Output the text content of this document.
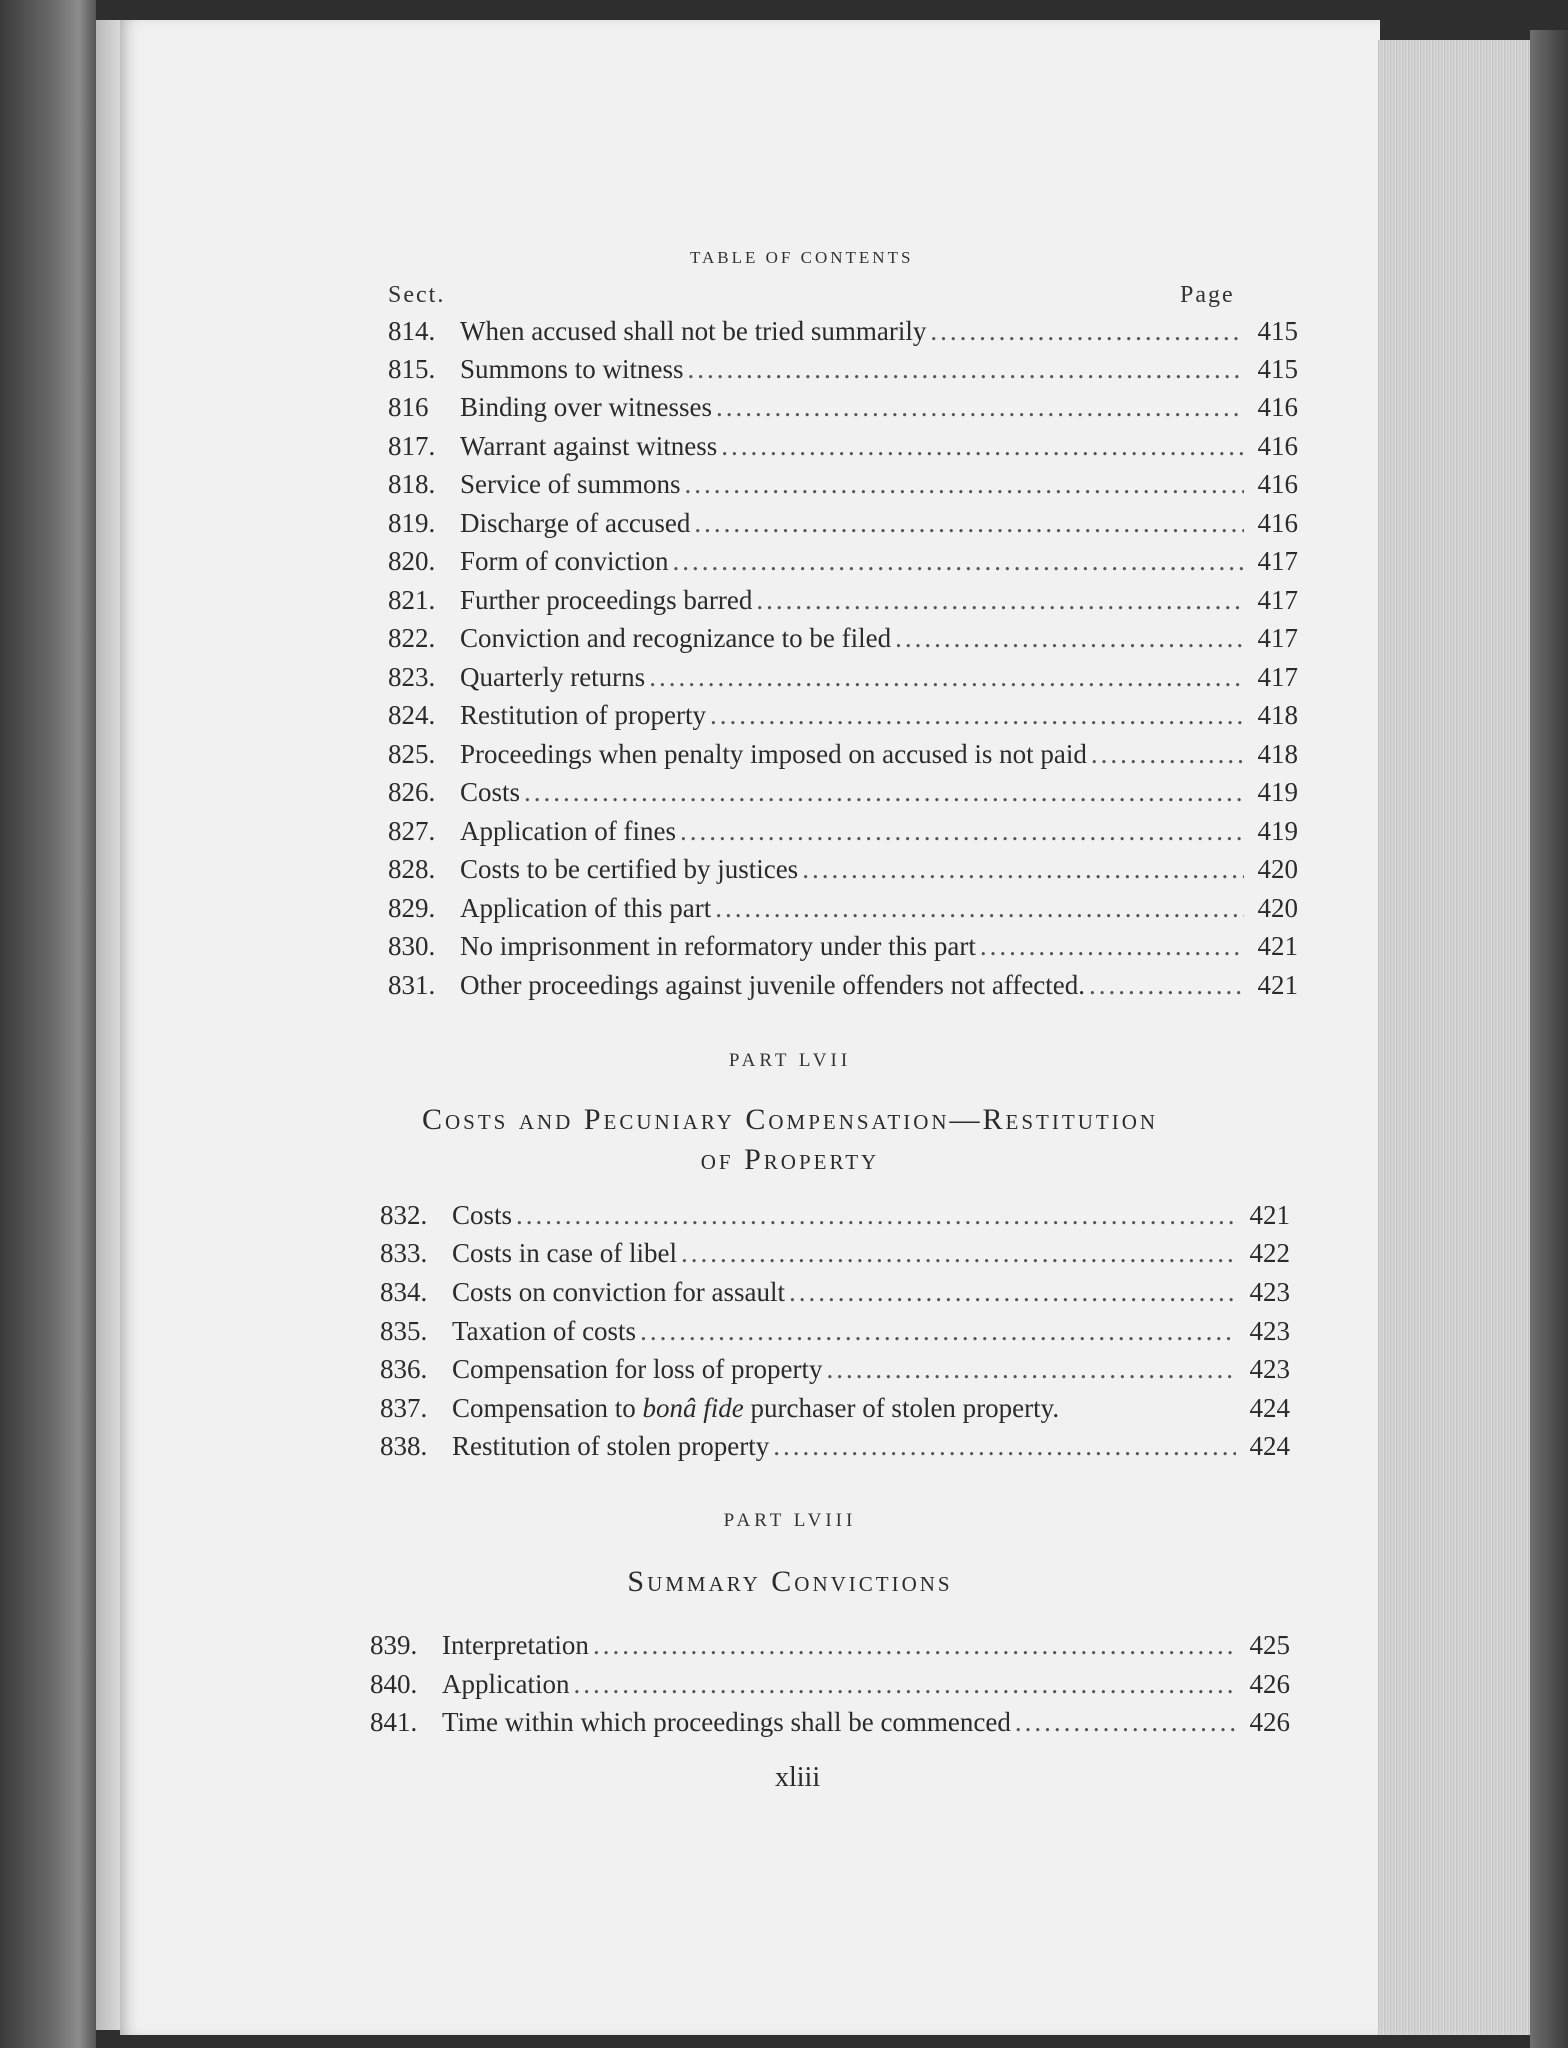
TABLE OF CONTENTS
Sect.	Page
814. When accused shall not be tried summarily .....	415
815. Summons to witness .....	415
816	Binding over witnesses .....	416
817. Warrant against witness .....	416
818. Service of summons .....	416
819. Discharge of accused .....	416
820. Form of conviction .....	417
821. Further proceedings barred .....	417
822. Conviction and recognizance to be filed .....	417
823. Quarterly returns .....	417
824. Restitution of property .....	418
825. Proceedings when penalty imposed on accused is not paid .....	418
826. Costs .....	419
827. Application of fines .....	419
828. Costs to be certified by justices .....	420
829. Application of this part .....	420
830. No imprisonment in reformatory under this part .....	421
831. Other proceedings against juvenile offenders not affected. .....	421
PART LVII
Costs and Pecuniary Compensation—Restitution
of Property
832. Costs .....	421
833. Costs in case of libel .....	422
834. Costs on conviction for assault .....	423
835. Taxation of costs .....	423
836. Compensation for loss of property .....	423
837. Compensation to bonâ fide purchaser of stolen property.	424
838. Restitution of stolen property .....	424
PART LVIII
Summary Convictions
839. Interpretation .....	425
840. Application .....	426
841. Time within which proceedings shall be commenced .....	426
xliii
